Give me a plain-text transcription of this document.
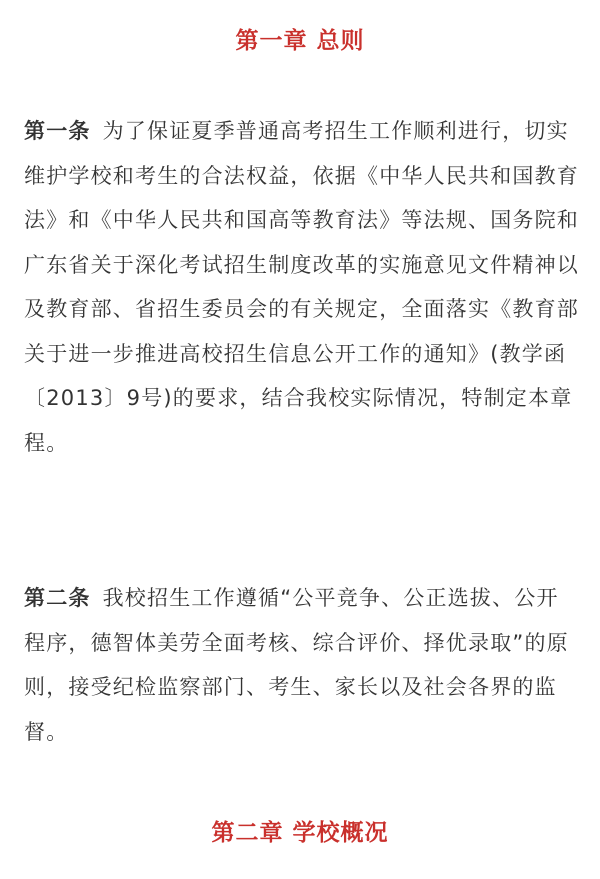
第一章 总则

第一条 为了保证夏季普通高考招生工作顺利进行，切实维护学校和考生的合法权益，依据《中华人民共和国教育法》和《中华人民共和国高等教育法》等法规、国务院和广东省关于深化考试招生制度改革的实施意见文件精神以及教育部、省招生委员会的有关规定，全面落实《教育部关于进一步推进高校招生信息公开工作的通知》(教学函〔2013〕9号)的要求，结合我校实际情况，特制定本章程。

第二条 我校招生工作遵循“公平竞争、公正选拔、公开程序，德智体美劳全面考核、综合评价、择优录取”的原则，接受纪检监察部门、考生、家长以及社会各界的监督。

第二章 学校概况
